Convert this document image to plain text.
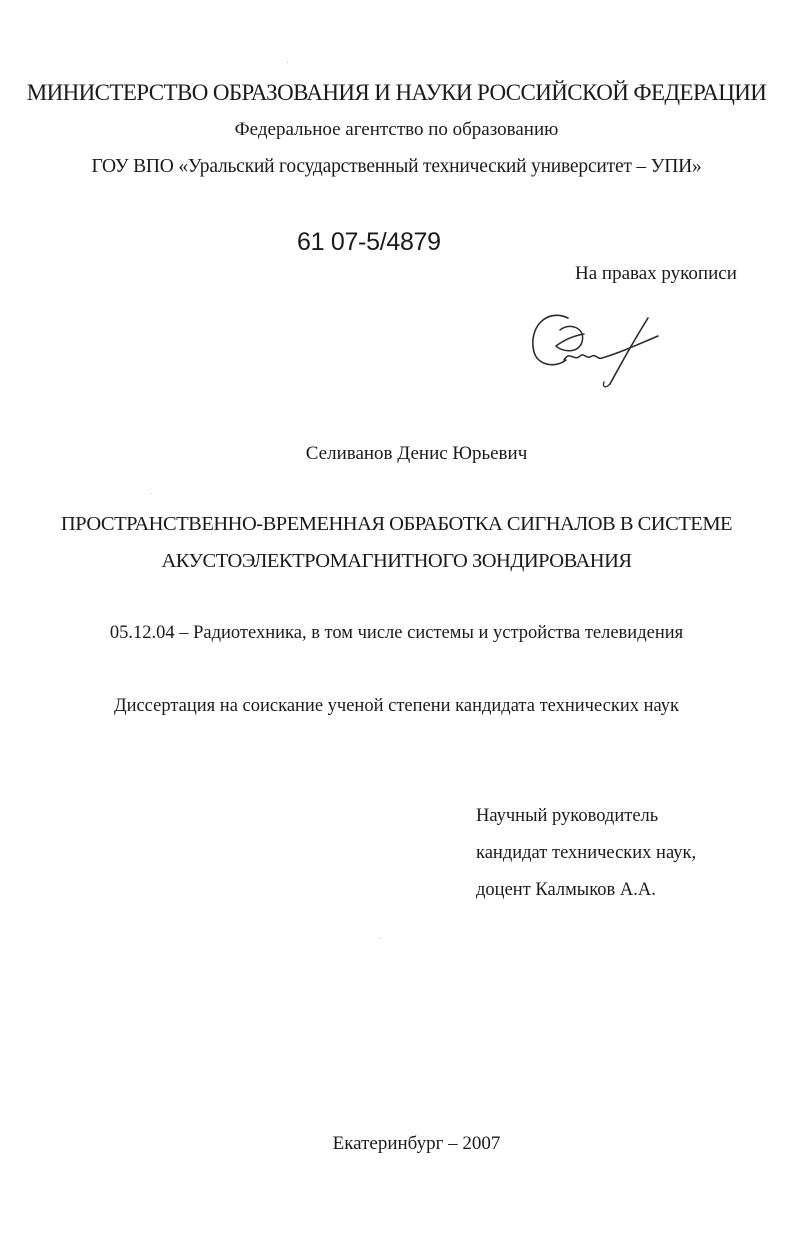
МИНИСТЕРСТВО ОБРАЗОВАНИЯ И НАУКИ РОССИЙСКОЙ ФЕДЕРАЦИИ
Федеральное агентство по образованию
ГОУ ВПО «Уральский государственный технический университет – УПИ»
61 07-5/4879
На правах рукописи
Селиванов Денис Юрьевич
ПРОСТРАНСТВЕННО-ВРЕМЕННАЯ ОБРАБОТКА СИГНАЛОВ В СИСТЕМЕ
АКУСТОЭЛЕКТРОМАГНИТНОГО ЗОНДИРОВАНИЯ
05.12.04 – Радиотехника, в том числе системы и устройства телевидения
Диссертация на соискание ученой степени кандидата технических наук
Научный руководитель
кандидат технических наук,
доцент Калмыков А.А.
Екатеринбург – 2007
